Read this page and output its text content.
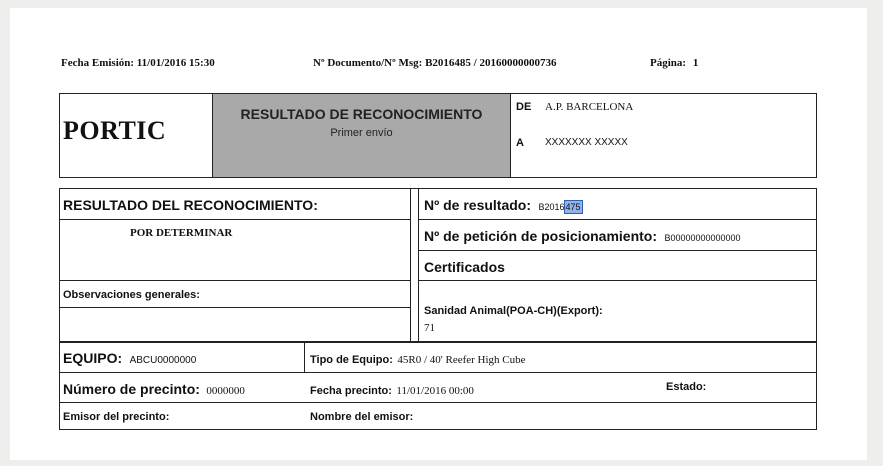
Fecha Emisión: 11/01/2016 15:30	Nº Documento/Nº Msg: B2016485 / 20160000000736	Página: 1
PORTIC
RESULTADO DE RECONOCIMIENTO
Primer envío
DE A.P. BARCELONA
A XXXXXXX XXXXX
RESULTADO DEL RECONOCIMIENTO:
POR DETERMINAR
Observaciones generales:
Nº de resultado: B2016475
Nº de petición de posicionamiento: B00000000000000
Certificados
Sanidad Animal(POA-CH)(Export):
71
EQUIPO: ABCU0000000	Tipo de Equipo: 45R0 / 40' Reefer High Cube
Número de precinto: 0000000	Fecha precinto: 11/01/2016 00:00	Estado:
Emisor del precinto:	Nombre del emisor:
